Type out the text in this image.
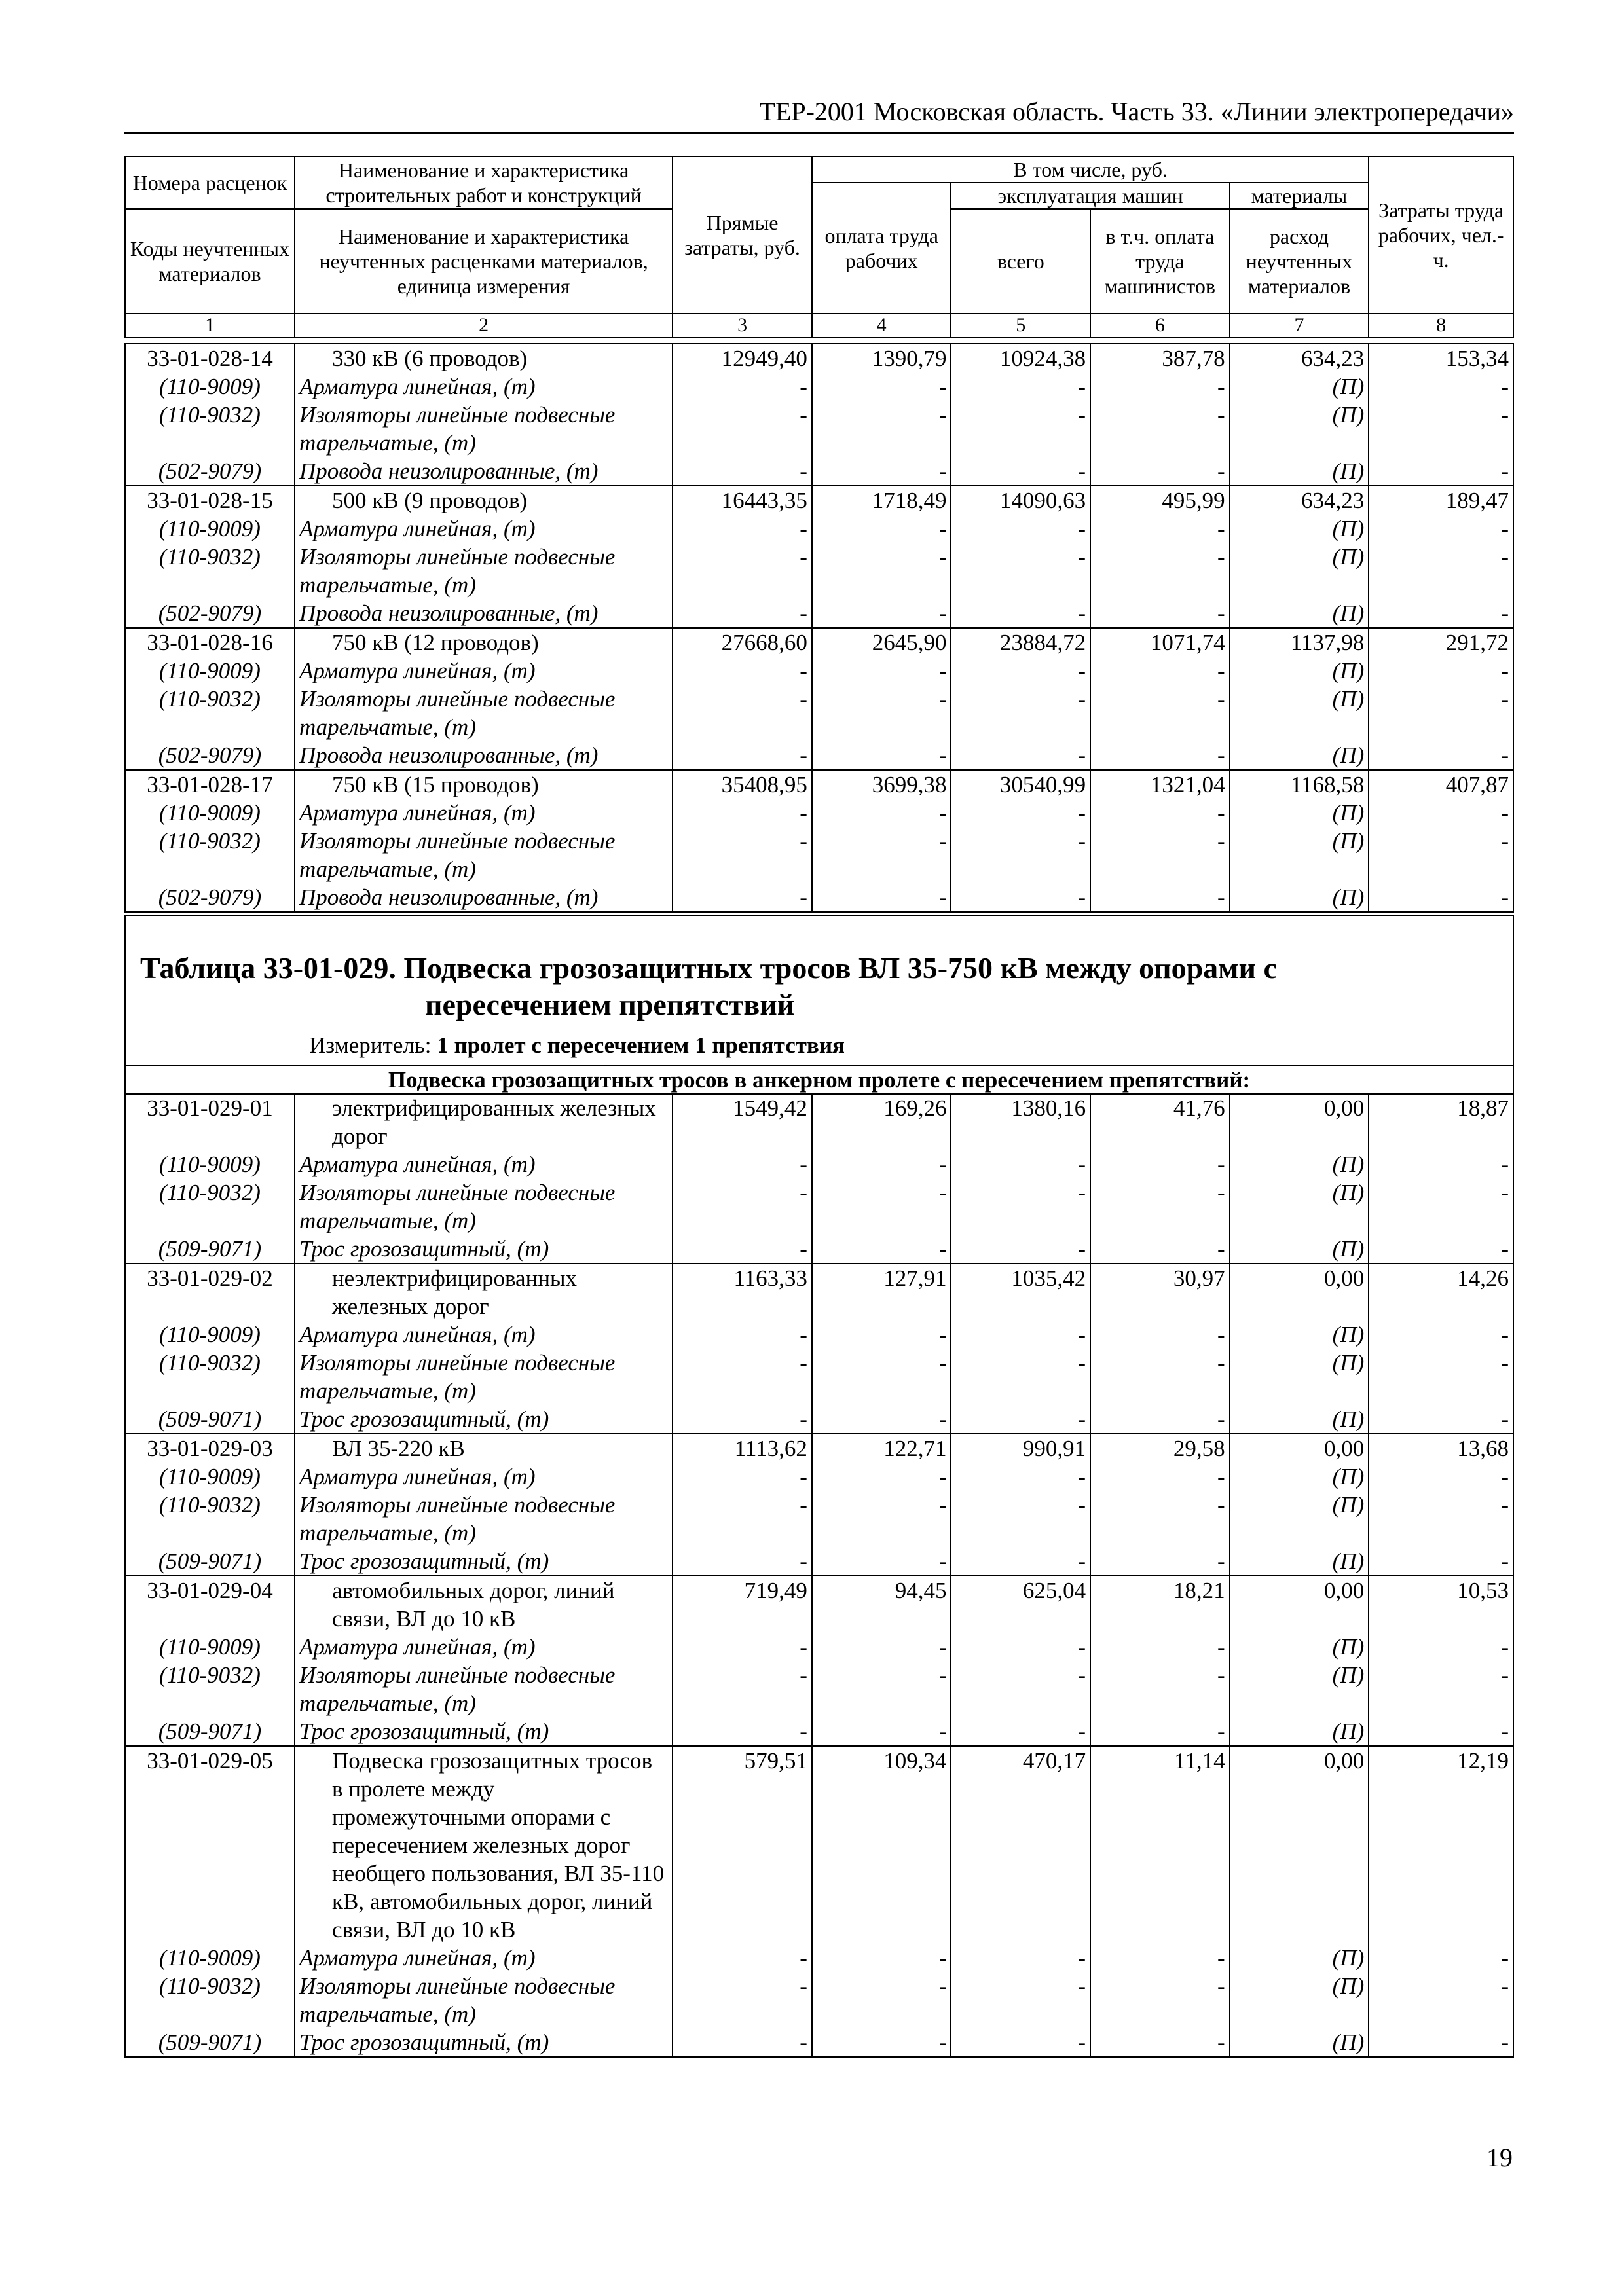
ТЕР-2001 Московская область. Часть 33. «Линии электропередачи»
Номера расценок	Наименование и характеристика строительных работ и конструкций	Прямые затраты, руб.	В том числе, руб.				Затраты труда рабочих, чел.-ч.
			оплата труда рабочих	эксплуатация машин		материалы	
Коды неучтенных материалов	Наименование и характеристика неучтенных расценками материалов, единица измерения			всего	в т.ч. оплата труда машинистов	расход неучтенных материалов	
1	2	3	4	5	6	7	8
33-01-028-14	330 кВ (6 проводов)	12949,40	1390,79	10924,38	387,78	634,23	153,34
(110-9009)	Арматура линейная, (т)	-	-	-	-	(П)	-
(110-9032)	Изоляторы линейные подвесные тарельчатые, (т)	-	-	-	-	(П)	-
(502-9079)	Провода неизолированные, (т)	-	-	-	-	(П)	-
33-01-028-15	500 кВ (9 проводов)	16443,35	1718,49	14090,63	495,99	634,23	189,47
(110-9009)	Арматура линейная, (т)	-	-	-	-	(П)	-
(110-9032)	Изоляторы линейные подвесные тарельчатые, (т)	-	-	-	-	(П)	-
(502-9079)	Провода неизолированные, (т)	-	-	-	-	(П)	-
33-01-028-16	750 кВ (12 проводов)	27668,60	2645,90	23884,72	1071,74	1137,98	291,72
(110-9009)	Арматура линейная, (т)	-	-	-	-	(П)	-
(110-9032)	Изоляторы линейные подвесные тарельчатые, (т)	-	-	-	-	(П)	-
(502-9079)	Провода неизолированные, (т)	-	-	-	-	(П)	-
33-01-028-17	750 кВ (15 проводов)	35408,95	3699,38	30540,99	1321,04	1168,58	407,87
(110-9009)	Арматура линейная, (т)	-	-	-	-	(П)	-
(110-9032)	Изоляторы линейные подвесные тарельчатые, (т)	-	-	-	-	(П)	-
(502-9079)	Провода неизолированные, (т)	-	-	-	-	(П)	-
Таблица 33-01-029. Подвеска грозозащитных тросов ВЛ 35-750 кВ между опорами с
пересечением препятствий
Измеритель: 1 пролет с пересечением 1 препятствия
Подвеска грозозащитных тросов в анкерном пролете с пересечением препятствий:
33-01-029-01	электрифицированных железных дорог	1549,42	169,26	1380,16	41,76	0,00	18,87
(110-9009)	Арматура линейная, (т)	-	-	-	-	(П)	-
(110-9032)	Изоляторы линейные подвесные тарельчатые, (т)	-	-	-	-	(П)	-
(509-9071)	Трос грозозащитный, (т)	-	-	-	-	(П)	-
33-01-029-02	неэлектрифицированных железных дорог	1163,33	127,91	1035,42	30,97	0,00	14,26
(110-9009)	Арматура линейная, (т)	-	-	-	-	(П)	-
(110-9032)	Изоляторы линейные подвесные тарельчатые, (т)	-	-	-	-	(П)	-
(509-9071)	Трос грозозащитный, (т)	-	-	-	-	(П)	-
33-01-029-03	ВЛ 35-220 кВ	1113,62	122,71	990,91	29,58	0,00	13,68
(110-9009)	Арматура линейная, (т)	-	-	-	-	(П)	-
(110-9032)	Изоляторы линейные подвесные тарельчатые, (т)	-	-	-	-	(П)	-
(509-9071)	Трос грозозащитный, (т)	-	-	-	-	(П)	-
33-01-029-04	автомобильных дорог, линий связи, ВЛ до 10 кВ	719,49	94,45	625,04	18,21	0,00	10,53
(110-9009)	Арматура линейная, (т)	-	-	-	-	(П)	-
(110-9032)	Изоляторы линейные подвесные тарельчатые, (т)	-	-	-	-	(П)	-
(509-9071)	Трос грозозащитный, (т)	-	-	-	-	(П)	-
33-01-029-05	Подвеска грозозащитных тросов в пролете между промежуточными опорами с пересечением железных дорог необщего пользования, ВЛ 35-110 кВ, автомобильных дорог, линий связи, ВЛ до 10 кВ	579,51	109,34	470,17	11,14	0,00	12,19
(110-9009)	Арматура линейная, (т)	-	-	-	-	(П)	-
(110-9032)	Изоляторы линейные подвесные тарельчатые, (т)	-	-	-	-	(П)	-
(509-9071)	Трос грозозащитный, (т)	-	-	-	-	(П)	-
19
